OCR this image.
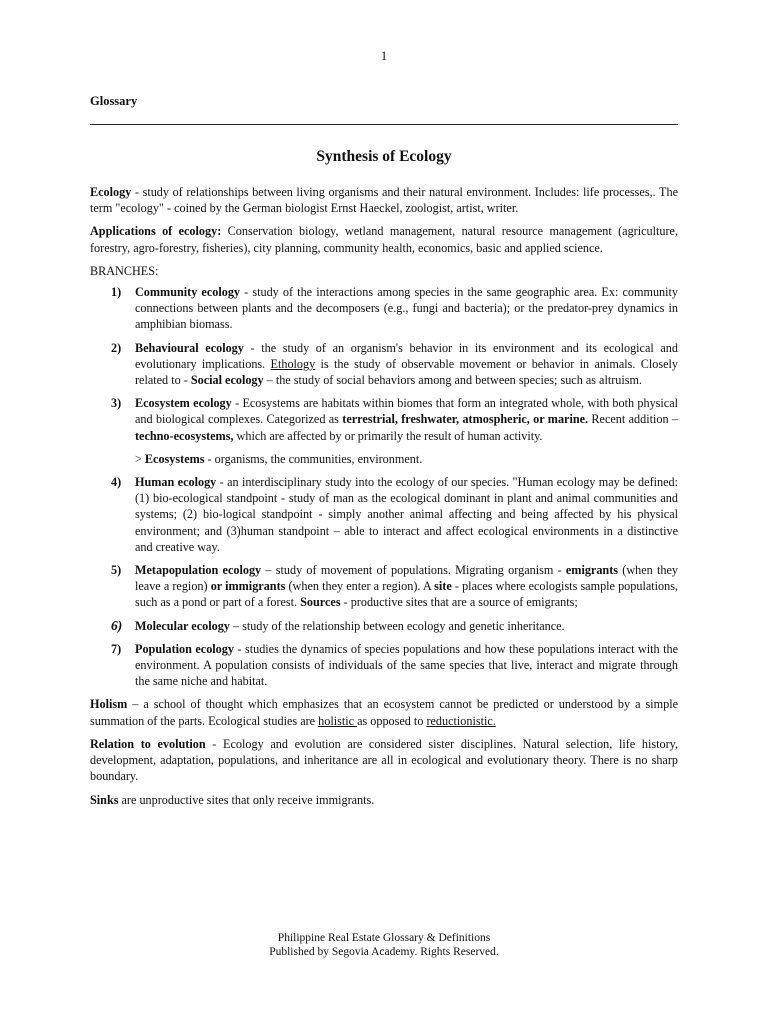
1
Glossary
Synthesis of Ecology

Ecology - study of relationships between living organisms and their natural environment. Includes: life processes,. The term "ecology" - coined by the German biologist Ernst Haeckel, zoologist, artist, writer.

Applications of ecology: Conservation biology, wetland management, natural resource management (agriculture, forestry, agro-forestry, fisheries), city planning, community health, economics, basic and applied science.

BRANCHES:

1) Community ecology - study of the interactions among species in the same geographic area. Ex: community connections between plants and the decomposers (e.g., fungi and bacteria); or the predator-prey dynamics in amphibian biomass.
2) Behavioural ecology - the study of an organism's behavior in its environment and its ecological and evolutionary implications. Ethology is the study of observable movement or behavior in animals. Closely related to - Social ecology – the study of social behaviors among and between species; such as altruism.
3) Ecosystem ecology - Ecosystems are habitats within biomes that form an integrated whole, with both physical and biological complexes. Categorized as terrestrial, freshwater, atmospheric, or marine. Recent addition – techno-ecosystems, which are affected by or primarily the result of human activity.

> Ecosystems - organisms, the communities, environment.

4) Human ecology - an interdisciplinary study into the ecology of our species. "Human ecology may be defined: (1) bio-ecological standpoint - study of man as the ecological dominant in plant and animal communities and systems; (2) bio-logical standpoint - simply another animal affecting and being affected by his physical environment; and (3)human standpoint – able to interact and affect ecological environments in a distinctive and creative way.
5) Metapopulation ecology – study of movement of populations. Migrating organism - emigrants (when they leave a region) or immigrants (when they enter a region). A site - places where ecologists sample populations, such as a pond or part of a forest. Sources - productive sites that are a source of emigrants;
6) Molecular ecology – study of the relationship between ecology and genetic inheritance.
7) Population ecology - studies the dynamics of species populations and how these populations interact with the environment. A population consists of individuals of the same species that live, interact and migrate through the same niche and habitat.

Holism – a school of thought which emphasizes that an ecosystem cannot be predicted or understood by a simple summation of the parts. Ecological studies are holistic as opposed to reductionistic.

Relation to evolution - Ecology and evolution are considered sister disciplines. Natural selection, life history, development, adaptation, populations, and inheritance are all in ecological and evolutionary theory. There is no sharp boundary.

Sinks are unproductive sites that only receive immigrants.

Philippine Real Estate Glossary & Definitions
Published by Segovia Academy. Rights Reserved.
